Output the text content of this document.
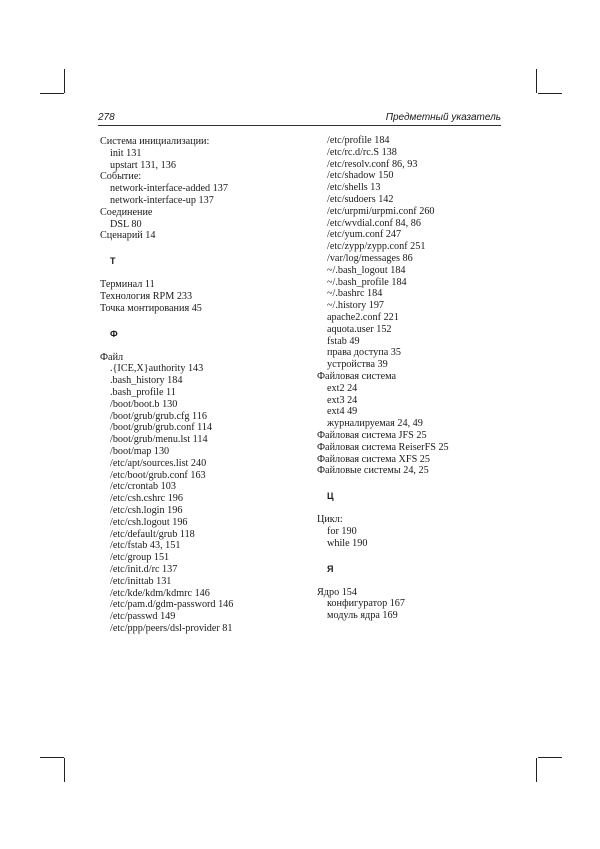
278	Предметный указатель
Система инициализации:
init 131
upstart 131, 136
Событие:
network-interface-added 137
network-interface-up 137
Соединение
DSL 80
Сценарий 14
Т
Терминал 11
Технология RPM 233
Точка монтирования 45
Ф
Файл
.{ICE,X}authority 143
.bash_history 184
.bash_profile 11
/boot/boot.b 130
/boot/grub/grub.cfg 116
/boot/grub/grub.conf 114
/boot/grub/menu.lst 114
/boot/map 130
/etc/apt/sources.list 240
/etc/boot/grub.conf 163
/etc/crontab 103
/etc/csh.cshrc 196
/etc/csh.login 196
/etc/csh.logout 196
/etc/default/grub 118
/etc/fstab 43, 151
/etc/group 151
/etc/init.d/rc 137
/etc/inittab 131
/etc/kde/kdm/kdmrc 146
/etc/pam.d/gdm-password 146
/etc/passwd 149
/etc/ppp/peers/dsl-provider 81
/etc/profile 184
/etc/rc.d/rc.S 138
/etc/resolv.conf 86, 93
/etc/shadow 150
/etc/shells 13
/etc/sudoers 142
/etc/urpmi/urpmi.conf 260
/etc/wvdial.conf 84, 86
/etc/yum.conf 247
/etc/zypp/zypp.conf 251
/var/log/messages 86
~/.bash_logout 184
~/.bash_profile 184
~/.bashrc 184
~/.history 197
apache2.conf 221
aquota.user 152
fstab 49
права доступа 35
устройства 39
Файловая система
ext2 24
ext3 24
ext4 49
журналируемая 24, 49
Файловая система JFS 25
Файловая система ReiserFS 25
Файловая система XFS 25
Файловые системы 24, 25
Ц
Цикл:
for 190
while 190
Я
Ядро 154
конфигуратор 167
модуль ядра 169
